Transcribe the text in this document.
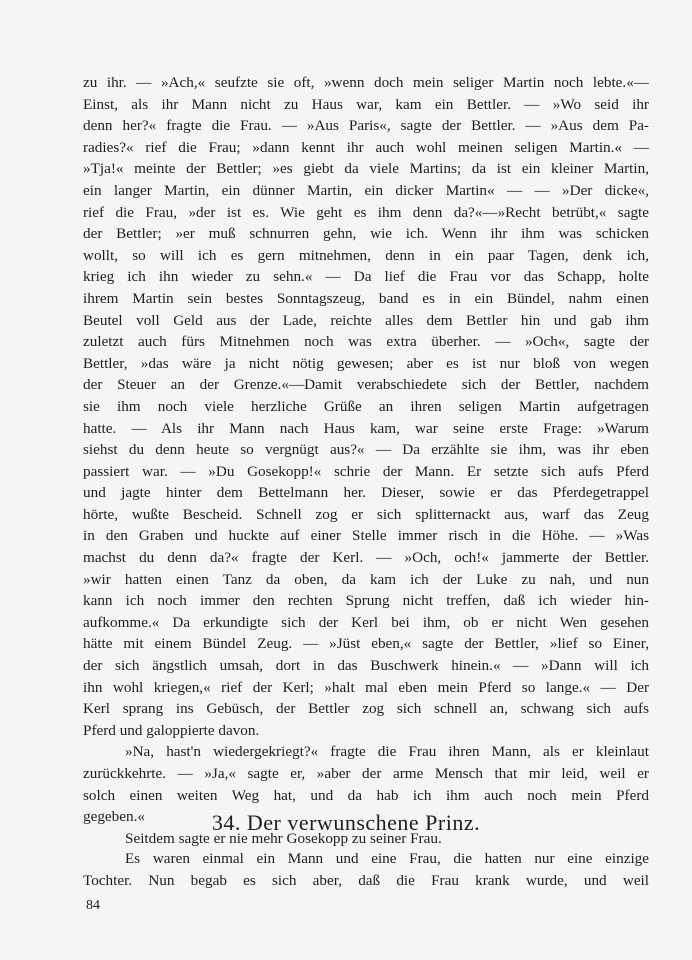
zu ihr. — »Ach,« seufzte sie oft, »wenn doch mein seliger Martin noch lebte.«—
Einst, als ihr Mann nicht zu Haus war, kam ein Bettler. — »Wo seid ihr
denn her?« fragte die Frau. — »Aus Paris«, sagte der Bettler. — »Aus dem Pa-
radies?« rief die Frau; »dann kennt ihr auch wohl meinen seligen Martin.« —
»Tja!« meinte der Bettler; »es giebt da viele Martins; da ist ein kleiner Martin,
ein langer Martin, ein dünner Martin, ein dicker Martin« — — »Der dicke«,
rief die Frau, »der ist es. Wie geht es ihm denn da?«—»Recht betrübt,« sagte
der Bettler; »er muß schnurren gehn, wie ich. Wenn ihr ihm was schicken
wollt, so will ich es gern mitnehmen, denn in ein paar Tagen, denk ich,
krieg ich ihn wieder zu sehn.« — Da lief die Frau vor das Schapp, holte
ihrem Martin sein bestes Sonntagszeug, band es in ein Bündel, nahm einen
Beutel voll Geld aus der Lade, reichte alles dem Bettler hin und gab ihm
zuletzt auch fürs Mitnehmen noch was extra überher. — »Och«, sagte der
Bettler, »das wäre ja nicht nötig gewesen; aber es ist nur bloß von wegen
der Steuer an der Grenze.«—Damit verabschiedete sich der Bettler, nachdem
sie ihm noch viele herzliche Grüße an ihren seligen Martin aufgetragen
hatte. — Als ihr Mann nach Haus kam, war seine erste Frage: »Warum
siehst du denn heute so vergnügt aus?« — Da erzählte sie ihm, was ihr eben
passiert war. — »Du Gosekopp!« schrie der Mann. Er setzte sich aufs Pferd
und jagte hinter dem Bettelmann her. Dieser, sowie er das Pferdegetrappel
hörte, wußte Bescheid. Schnell zog er sich splitternackt aus, warf das Zeug
in den Graben und huckte auf einer Stelle immer risch in die Höhe. — »Was
machst du denn da?« fragte der Kerl. — »Och, och!« jammerte der Bettler.
»wir hatten einen Tanz da oben, da kam ich der Luke zu nah, und nun
kann ich noch immer den rechten Sprung nicht treffen, daß ich wieder hin-
aufkomme.« Da erkundigte sich der Kerl bei ihm, ob er nicht Wen gesehen
hätte mit einem Bündel Zeug. — »Jüst eben,« sagte der Bettler, »lief so Einer,
der sich ängstlich umsah, dort in das Buschwerk hinein.« — »Dann will ich
ihn wohl kriegen,« rief der Kerl; »halt mal eben mein Pferd so lange.« — Der
Kerl sprang ins Gebüsch, der Bettler zog sich schnell an, schwang sich aufs
Pferd und galoppierte davon.
»Na, hast'n wiedergekriegt?« fragte die Frau ihren Mann, als er kleinlaut
zurückkehrte. — »Ja,« sagte er, »aber der arme Mensch that mir leid, weil er
solch einen weiten Weg hat, und da hab ich ihm auch noch mein Pferd
gegeben.«
Seitdem sagte er nie mehr Gosekopp zu seiner Frau.
34. Der verwunschene Prinz.
Es waren einmal ein Mann und eine Frau, die hatten nur eine einzige
Tochter. Nun begab es sich aber, daß die Frau krank wurde, und weil
84
